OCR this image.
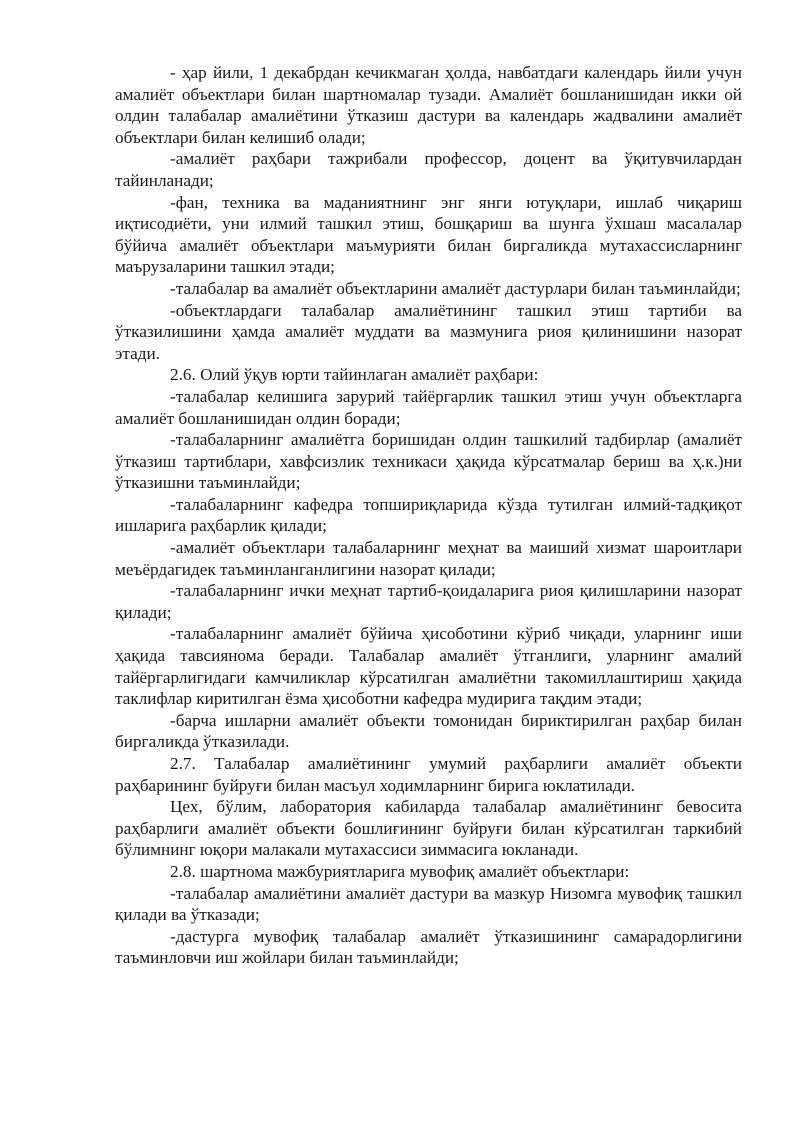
- ҳар йили, 1 декабрдан кечикмаган ҳолда, навбатдаги календарь йили учун амалиёт объектлари билан шартномалар тузади. Амалиёт бошланишидан икки ой олдин талабалар амалиётини ўтказиш дастури ва календарь жадвалини амалиёт объектлари билан келишиб олади;

-амалиёт раҳбари тажрибали профессор, доцент ва ўқитувчилардан тайинланади;

-фан, техника ва маданиятнинг энг янги ютуқлари, ишлаб чиқариш иқтисодиёти, уни илмий ташкил этиш, бошқариш ва шунга ўхшаш масалалар бўйича амалиёт объектлари маъмурияти билан биргаликда мутахассисларнинг маърузаларини ташкил этади;

-талабалар ва амалиёт объектларини амалиёт дастурлари билан таъминлайди;

-объектлардаги талабалар амалиётининг ташкил этиш тартиби ва ўтказилишини ҳамда амалиёт муддати ва мазмунига риоя қилинишини назорат этади.

2.6. Олий ўқув юрти тайинлаган амалиёт раҳбари:

-талабалар келишига зарурий тайёргарлик ташкил этиш учун объектларга амалиёт бошланишидан олдин боради;

-талабаларнинг амалиётга боришидан олдин ташкилий тадбирлар (амалиёт ўтказиш тартиблари, хавфсизлик техникаси ҳақида кўрсатмалар бериш ва ҳ.к.)ни ўтказишни таъминлайди;

-талабаларнинг кафедра топшириқларида кўзда тутилган илмий-тадқиқот ишларига раҳбарлик қилади;

-амалиёт объектлари талабаларнинг меҳнат ва маиший хизмат шароитлари меъёрдагидек таъминланганлигини назорат қилади;

-талабаларнинг ички меҳнат тартиб-қоидаларига риоя қилишларини назорат қилади;

-талабаларнинг амалиёт бўйича ҳисоботини кўриб чиқади, уларнинг иши ҳақида тавсияномa беради. Талабалар амалиёт ўтганлиги, уларнинг амалий тайёргарлигидаги камчиликлар кўрсатилган амалиётни такомиллаштириш ҳақида таклифлар киритилган ёзма ҳисоботни кафедра мудирига тақдим этади;

-барча ишларни амалиёт объекти томонидан бириктирилган раҳбар билан биргаликда ўтказилади.

2.7. Талабалар амалиётининг умумий раҳбарлиги амалиёт объекти раҳбарининг буйруғи билан масъул ходимларнинг бирига юклатилади.

Цех, бўлим, лаборатория кабиларда талабалар амалиётининг бевосита раҳбарлиги амалиёт объекти бошлиғининг буйруғи билан кўрсатилган таркибий бўлимнинг юқори малакали мутахассиси зиммасига юкланади.

2.8. шартнома мажбуриятларига мувофиқ амалиёт объектлари:

-талабалар амалиётини амалиёт дастури ва мазкур Низомга мувофиқ ташкил қилади ва ўтказади;

-дастурга мувофиқ талабалар амалиёт ўтказишининг самарадорлигини таъминловчи иш жойлари билан таъминлайди;
